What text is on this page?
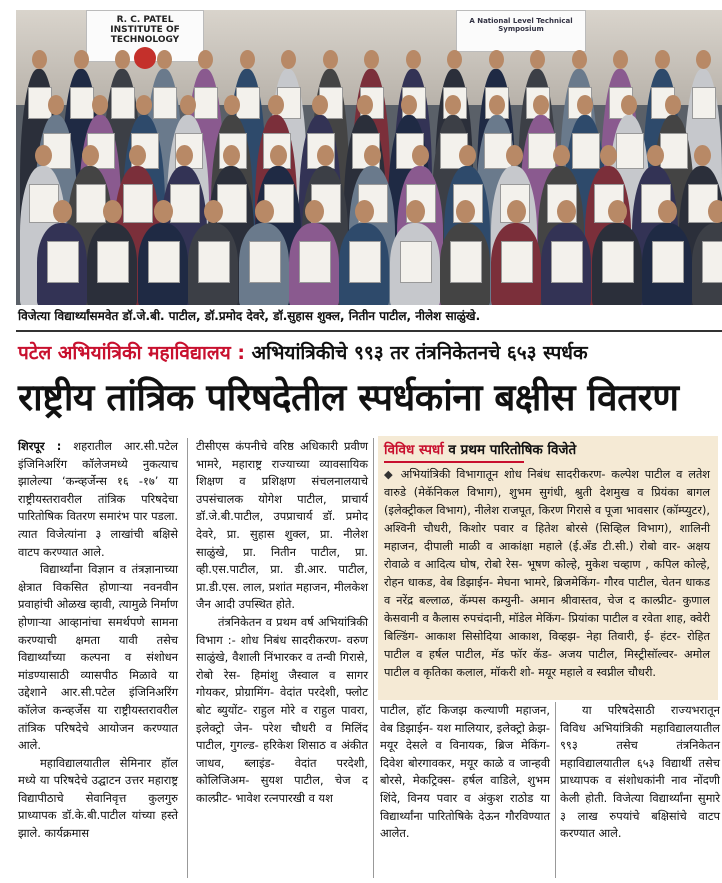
R. C. PATEL
INSTITUTE OF TECHNOLOGY
A National Level Technical Symposium
विजेत्या विद्यार्थ्यांसमवेत डॉ.जे.बी. पाटील, डॉ.प्रमोद देवरे, डॉ.सुहास शुक्ल, नितीन पाटील, नीलेश साळुंखे.
पटेल अभियांत्रिकी महाविद्यालय : अभियांत्रिकीचे ९९३ तर तंत्रनिकेतनचे ६५३ स्पर्धक
राष्ट्रीय तांत्रिक परिषदेतील स्पर्धकांना बक्षीस वितरण

शिरपूर : शहरातील आर.सी.पटेल इंजिनिअरिंग कॉलेजमध्ये नुकत्याच झालेल्या ‘कन्व्हर्जेन्स १६ -१७’ या राष्ट्रीयस्तरावरील तांत्रिक परिषदेचा पारितोषिक वितरण समारंभ पार पडला. त्यात विजेत्यांना ३ लाखांची बक्षिसे वाटप करण्यात आले.

विद्यार्थ्यांना विज्ञान व तंत्रज्ञानाच्या क्षेत्रात विकसित होणाऱ्या नवनवीन प्रवाहांची ओळख व्हावी, त्यामुळे निर्माण होणाऱ्या आव्हानांचा समर्थपणे सामना करण्याची क्षमता यावी तसेच विद्यार्थ्यांच्या कल्पना व संशोधन मांडण्यासाठी व्यासपीठ मिळावे या उद्देशाने आर.सी.पटेल इंजिनिअरिंग कॉलेज कन्व्हर्जेस या राष्ट्रीयस्तरावरील तांत्रिक परिषदेचे आयोजन करण्यात आले.

महाविद्यालयातील सेमिनार हॉल मध्ये या परिषदेचे उद्घाटन उत्तर महाराष्ट्र विद्यापीठाचे सेवानिवृत्त कुलगुरु प्राध्यापक डॉ.के.बी.पाटील यांच्या हस्ते झाले. कार्यक्रमास

टीसीएस कंपनीचे वरिष्ठ अधिकारी प्रवीण भामरे, महाराष्ट्र राज्याच्या व्यावसायिक शिक्षण व प्रशिक्षण संचलनालयाचे उपसंचालक योगेश पाटील, प्राचार्य डॉ.जे.बी.पाटील, उपप्राचार्य डॉ. प्रमोद देवरे, प्रा. सुहास शुक्ल, प्रा. नीलेश साळुंखे, प्रा. नितीन पाटील, प्रा. व्ही.एस.पाटील, प्रा. डी.आर. पाटील, प्रा.डी.एस. लाल, प्रशांत महाजन, मीलकेश जैन आदी उपस्थित होते.

तंत्रनिकेतन व प्रथम वर्ष अभियांत्रिकी विभाग :- शोध निबंध सादरीकरण- वरुण साळुंखे, वैशाली निंभारकर व तन्वी गिरासे, रोबो रेस- हिमांशु जैस्वाल व सागर गोयकर, प्रोग्रामिंग- वेदांत परदेशी, फ्लोट बोट ब्युयोंट- राहुल मोरे व राहुल पावरा, इलेक्ट्रो जेन- परेश चौधरी व मिलिंद पाटील, गुगल्ड- हरिकेश शिसाठ व अंकीत जाधव, ब्लाइंड- वेदांत परदेशी, कोलिजिअम- सुयश पाटील, चेज द काल्प्रीट- भावेश रत्नपारखी व यश

विविध स्पर्धा व प्रथम पारितोषिक विजेते
◆ अभियांत्रिकी विभागातून शोध निबंध सादरीकरण- कल्पेश पाटील व लतेश वारुडे (मेकॅनिकल विभाग), शुभम सुगंधी, श्रुती देशमुख व प्रियंका बागल (इलेक्ट्रीकल विभाग), नीलेश राजपूत, किरण गिरासे व पूजा भावसार (कॉम्प्युटर), अश्विनी चौधरी, किशोर पवार व हितेश बोरसे (सिव्हिल विभाग), शालिनी महाजन, दीपाली माळी व आकांक्षा महाले (ई.ॲंड टी.सी.) रोबो वार- अक्षय रोवाळे व आदित्य घोष, रोबो रेस- भूषण कोल्हे, मुकेश चव्हाण , कपिल कोल्हे, रोहन धाकड, वेब डिझाईन- मेघना भामरे, ब्रिजमेकिंग- गौरव पाटील, चेतन धाकड व नरेंद्र बल्लाळ, कॅम्पस कम्युनी- अमान श्रीवास्तव, चेज द काल्प्रीट- कुणाल केसवानी व कैलास रुपचंदानी, मॉडेल मेकिंग- प्रियांका पाटील व रवेता शाह, क्वेरी बिल्डिंग- आकाश सिसोदिया आकाश, विव्हझ- नेहा तिवारी, ई- हंटर- रोहित पाटील व हर्षल पाटील, मॅड फॉर कॅड- अजय पाटील, मिस्ट्रीसॉल्वर- अमोल पाटील व कृतिका कलाल, मॉकरी शो- मयूर महाले व स्वप्नील चौधरी.

पाटील, हॉट किजझ कल्याणी महाजन, वेब डिझाईन- यश मालियार, इलेक्ट्रो क्रेझ- मयूर देसले व विनायक, ब्रिज मेकिंग- दिवेश बोरगावकर, मयूर काळे व जान्हवी बोरसे, मेकट्रिक्स- हर्षल वाडिले, शुभम शिंदे, विनय पवार व अंकुश राठोड या विद्यार्थ्यांना पारितोषिके देऊन गौरविण्यात आलेत.

या परिषदेसाठी राज्यभरातून विविध अभियांत्रिकी महाविद्यालयातील ९९३ तसेच तंत्रनिकेतन महाविद्यालयातील ६५३ विद्यार्थी तसेच प्राध्यापक व संशोधकांनी नाव नोंदणी केली होती. विजेत्या विद्यार्थ्यांना सुमारे ३ लाख रुपयांचे बक्षिसांचे वाटप करण्यात आले.
